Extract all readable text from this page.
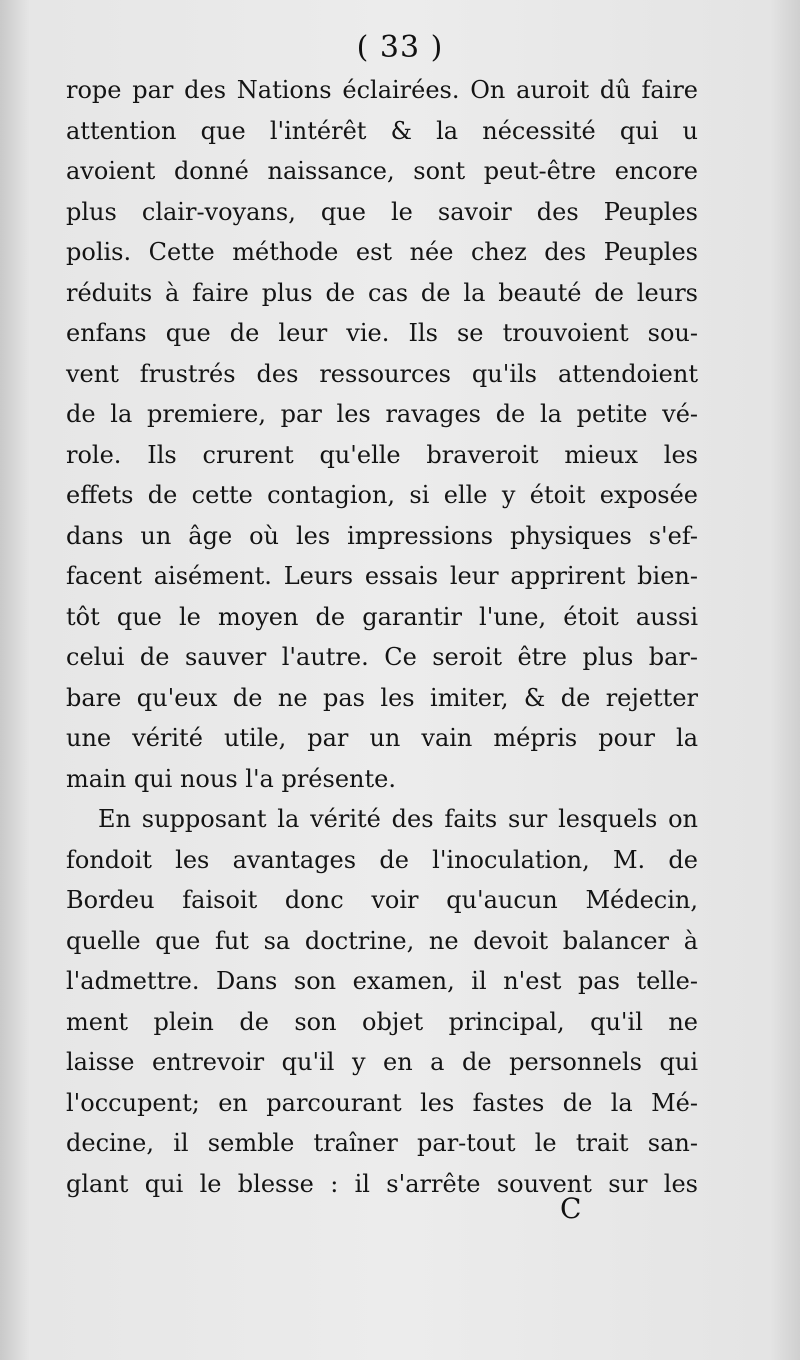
( 33 )
rope par des Nations éclairées. On auroit dû faire
attention que l'intérêt & la nécessité qui u
avoient donné naissance, sont peut-être encore
plus clair-voyans, que le savoir des Peuples
polis. Cette méthode est née chez des Peuples
réduits à faire plus de cas de la beauté de leurs
enfans que de leur vie. Ils se trouvoient sou-
vent frustrés des ressources qu'ils attendoient
de la premiere, par les ravages de la petite vé-
role. Ils crurent qu'elle braveroit mieux les
effets de cette contagion, si elle y étoit exposée
dans un âge où les impressions physiques s'ef-
facent aisément. Leurs essais leur apprirent bien-
tôt que le moyen de garantir l'une, étoit aussi
celui de sauver l'autre. Ce seroit être plus bar-
bare qu'eux de ne pas les imiter, & de rejetter
une vérité utile, par un vain mépris pour la
main qui nous l'a présente.
En supposant la vérité des faits sur lesquels on
fondoit les avantages de l'inoculation, M. de
Bordeu faisoit donc voir qu'aucun Médecin,
quelle que fut sa doctrine, ne devoit balancer à
l'admettre. Dans son examen, il n'est pas telle-
ment plein de son objet principal, qu'il ne
laisse entrevoir qu'il y en a de personnels qui
l'occupent; en parcourant les fastes de la Mé-
decine, il semble traîner par-tout le trait san-
glant qui le blesse : il s'arrête souvent sur les
C
